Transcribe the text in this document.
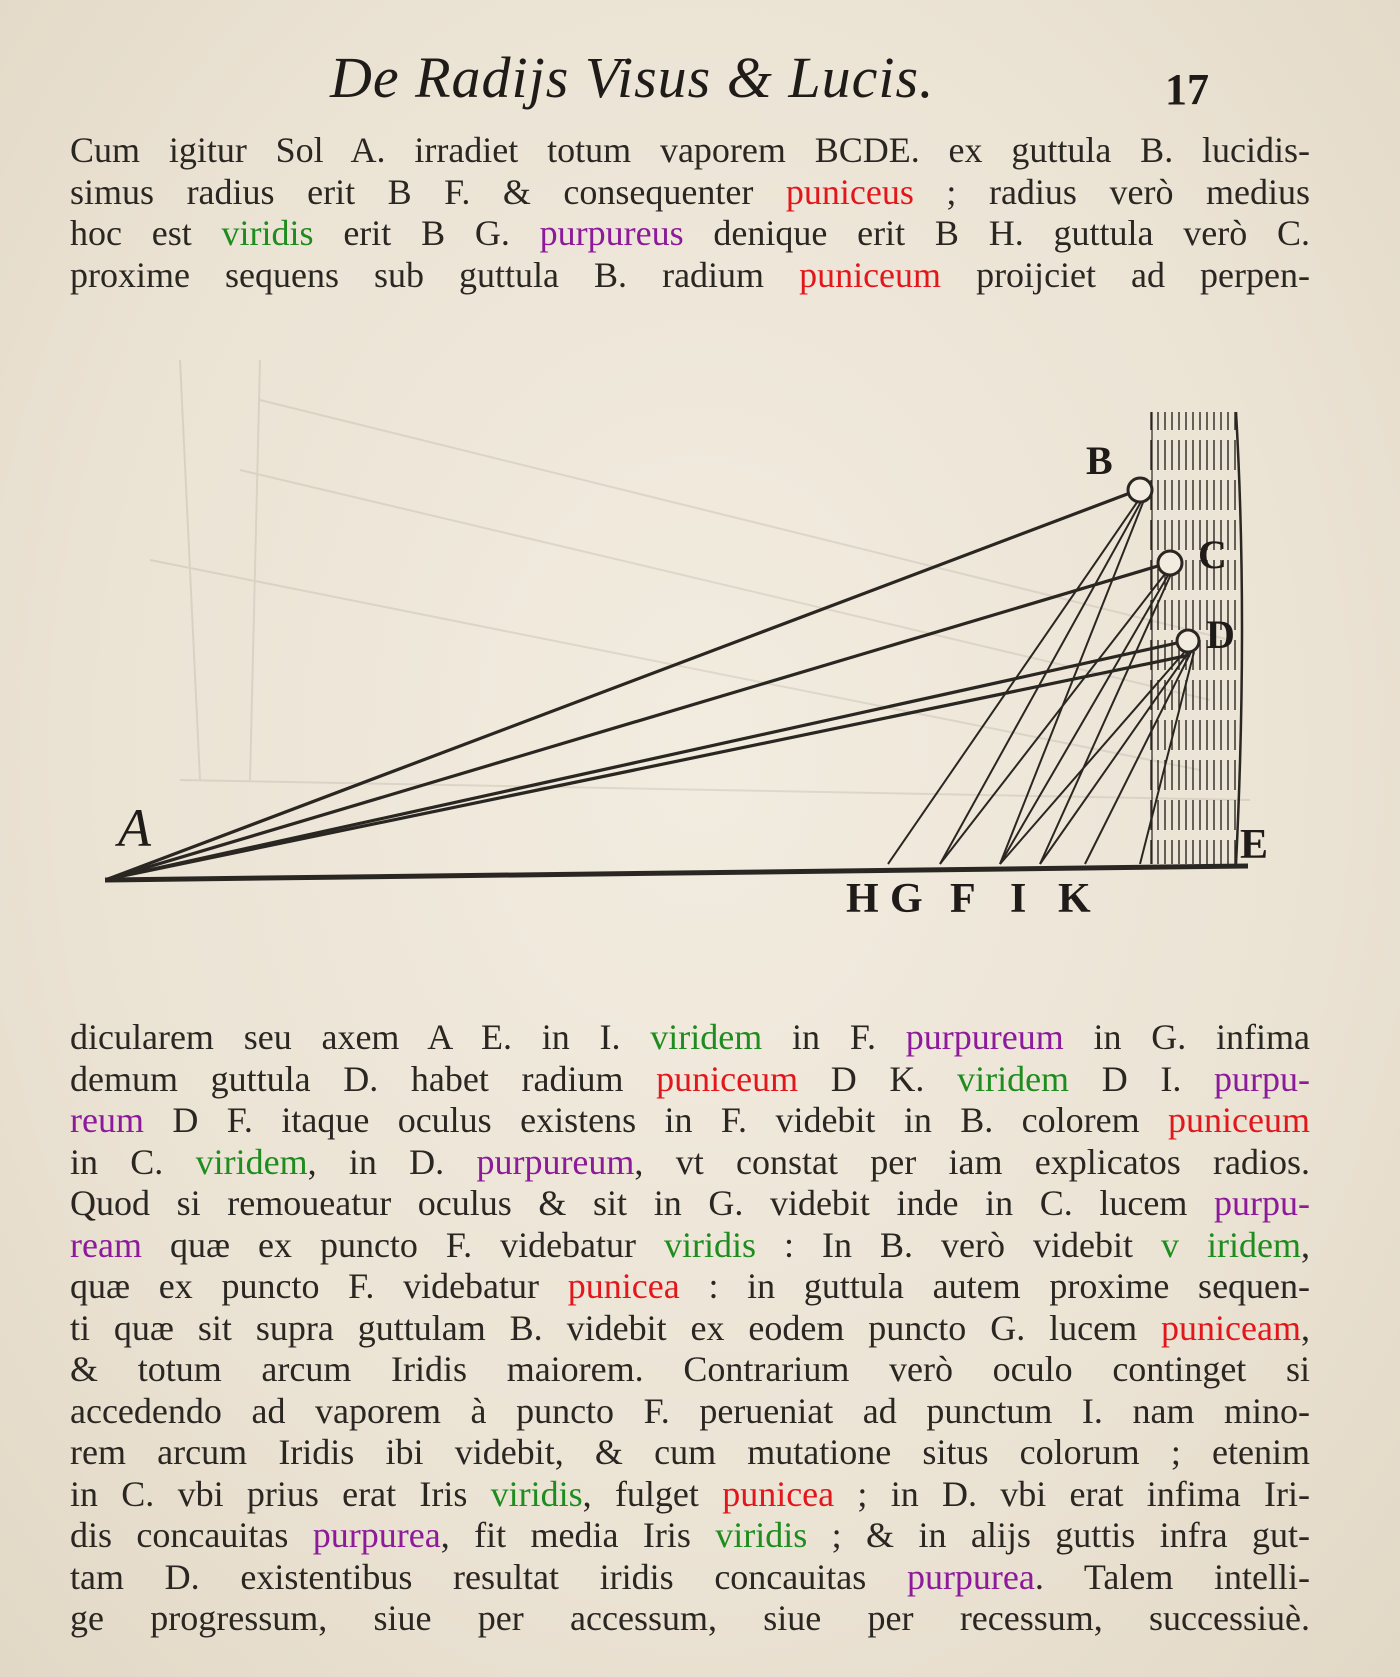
De Radijs Visus & Lucis.	17
Cum igitur Sol A. irradiet totum vaporem BCDE. ex guttula B. lucidis-
simus radius erit B F. & consequenter puniceus ; radius verò medius
hoc est viridis erit B G. purpureus denique erit B H. guttula verò C.
proxime sequens sub guttula B. radium puniceum proijciet ad perpen-
A
B
C
D
E
H G F I K
dicularem seu axem A E. in I. viridem in F. purpureum in G. infima
demum guttula D. habet radium puniceum D K. viridem D I. purpu-
reum D F. itaque oculus existens in F. videbit in B. colorem puniceum
in C. viridem, in D. purpureum, vt constat per iam explicatos radios.
Quod si remoueatur oculus & sit in G. videbit inde in C. lucem purpu-
ream quæ ex puncto F. videbatur viridis : In B. verò videbit v iridem,
quæ ex puncto F. videbatur punicea : in guttula autem proxime sequen-
ti quæ sit supra guttulam B. videbit ex eodem puncto G. lucem puniceam,
& totum arcum Iridis maiorem. Contrarium verò oculo continget si
accedendo ad vaporem à puncto F. perueniat ad punctum I. nam mino-
rem arcum Iridis ibi videbit, & cum mutatione situs colorum ; etenim
in C. vbi prius erat Iris viridis, fulget punicea ; in D. vbi erat infima Iri-
dis concauitas purpurea, fit media Iris viridis ; & in alijs guttis infra gut-
tam D. existentibus resultat iridis concauitas purpurea. Talem intelli-
ge progressum, siue per accessum, siue per recessum, successiuè.
